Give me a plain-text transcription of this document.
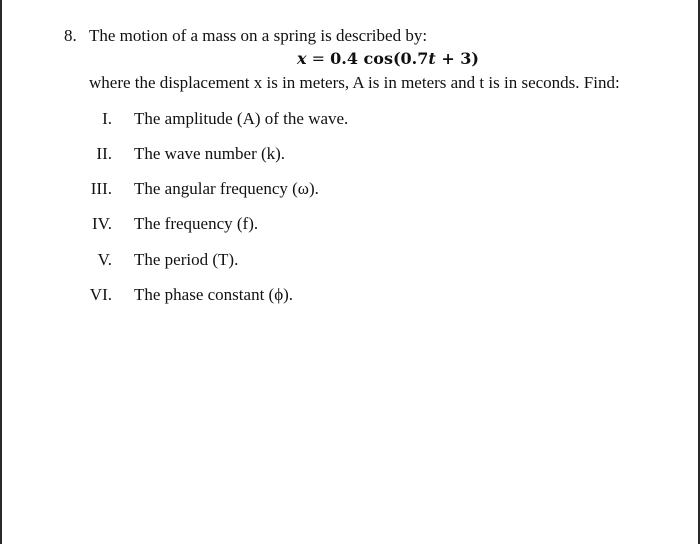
8. The motion of a mass on a spring is described by:
x = 0.4 cos(0.7t + 3)
where the displacement x is in meters, A is in meters and t is in seconds. Find:
I. The amplitude (A) of the wave.
II. The wave number (k).
III. The angular frequency (ω).
IV. The frequency (f).
V. The period (T).
VI. The phase constant (ϕ).
